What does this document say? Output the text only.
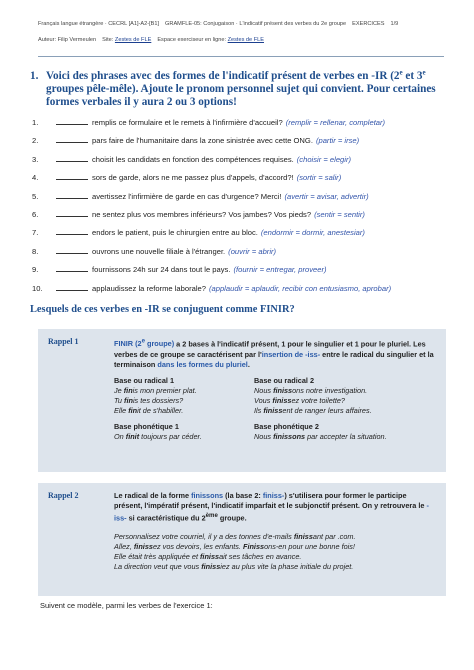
Français langue étrangère · CECRL [A1]-A2-[B1] GRAMFLE-05: Conjugaison · L'indicatif présent des verbes du 2e groupe EXERCICES 1/9
Auteur: Filip Vermeulen Site: Zestes de FLE Espace exerciseur en ligne: Zestes de FLE
1. Voici des phrases avec des formes de l'indicatif présent de verbes en -IR (2e et 3e groupes pêle-mêle). Ajoute le pronom personnel sujet qui convient. Pour certaines formes verbales il y aura 2 ou 3 options!
1.	remplis ce formulaire et le remets à l'infirmière d'accueil? (remplir = rellenar, completar)
2.	pars faire de l'humanitaire dans la zone sinistrée avec cette ONG. (partir = irse)
3.	choisit les candidats en fonction des compétences requises. (choisir = elegir)
4.	sors de garde, alors ne me passez plus d'appels, d'accord?! (sortir = salir)
5.	avertissez l'infirmière de garde en cas d'urgence? Merci! (avertir = avisar, advertir)
6.	ne sentez plus vos membres inférieurs? Vos jambes? Vos pieds? (sentir = sentir)
7.	endors le patient, puis le chirurgien entre au bloc. (endormir = dormir, anestesiar)
8.	ouvrons une nouvelle filiale à l'étranger. (ouvrir = abrir)
9.	fournissons 24h sur 24 dans tout le pays. (fournir = entregar, proveer)
10.	applaudissez la reforme laborale? (applaudir = aplaudir, recibir con entusiasmo, aprobar)
Lesquels de ces verbes en -IR se conjuguent comme FINIR?
Rappel 1	FINIR (2e groupe) a 2 bases à l'indicatif présent, 1 pour le singulier et 1 pour le pluriel. Les verbes de ce groupe se caractérisent par l'insertion de -iss- entre le radical du singulier et la terminaison dans les formes du pluriel.

Base ou radical 1

Je finis mon premier plat.

Tu finis tes dossiers?

Elle finit de s'habiller.

Base ou radical 2

Nous finissons notre investigation.

Vous finissez votre toilette?

Ils finissent de ranger leurs affaires.

Base phonétique 1

On finit toujours par céder.

Base phonétique 2

Nous finissons par accepter la situation.

Rappel 2	Le radical de la forme finissons (la base 2: finiss-) s'utilisera pour former le participe présent, l'impératif présent, l'indicatif imparfait et le subjonctif présent. On y retrouvera le -iss- si caractéristique du 2ème groupe.

Personnalisez votre courriel, il y a des tonnes d'e-mails finissant par .com.

Allez, finissez vos devoirs, les enfants. Finissons-en pour une bonne fois!

Elle était très appliquée et finissait ses tâches en avance.

La direction veut que vous finissiez au plus vite la phase initiale du projet.

Suivent ce modèle, parmi les verbes de l'exercice 1:
